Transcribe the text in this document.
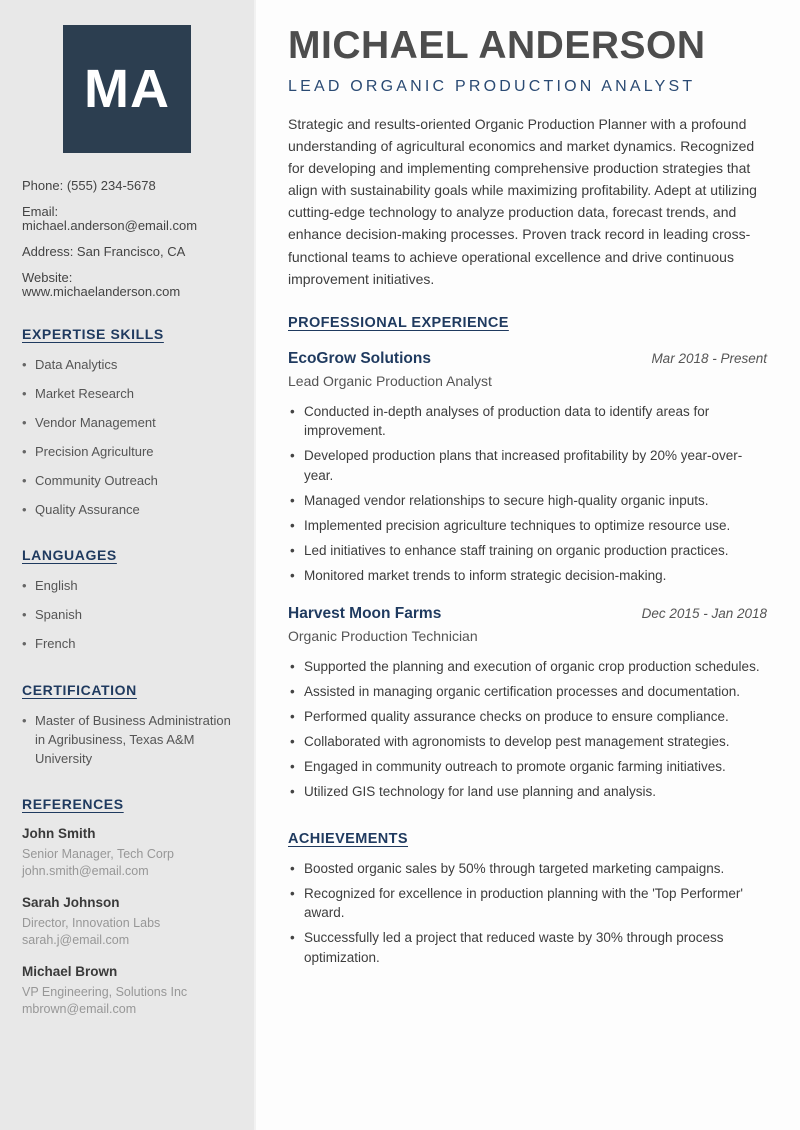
MA
Phone: (555) 234-5678
Email: michael.anderson@email.com
Address: San Francisco, CA
Website: www.michaelanderson.com
EXPERTISE SKILLS
• Data Analytics
• Market Research
• Vendor Management
• Precision Agriculture
• Community Outreach
• Quality Assurance
LANGUAGES
• English
• Spanish
• French
CERTIFICATION
• Master of Business Administration in Agribusiness, Texas A&M University
REFERENCES
John Smith
Senior Manager, Tech Corp
john.smith@email.com
Sarah Johnson
Director, Innovation Labs
sarah.j@email.com
Michael Brown
VP Engineering, Solutions Inc
mbrown@email.com
MICHAEL ANDERSON
LEAD ORGANIC PRODUCTION ANALYST

Strategic and results-oriented Organic Production Planner with a profound understanding of agricultural economics and market dynamics. Recognized for developing and implementing comprehensive production strategies that align with sustainability goals while maximizing profitability. Adept at utilizing cutting-edge technology to analyze production data, forecast trends, and enhance decision-making processes. Proven track record in leading cross-functional teams to achieve operational excellence and drive continuous improvement initiatives.

PROFESSIONAL EXPERIENCE
EcoGrow Solutions	Mar 2018 - Present
Lead Organic Production Analyst
• Conducted in-depth analyses of production data to identify areas for improvement.
• Developed production plans that increased profitability by 20% year-over-year.
• Managed vendor relationships to secure high-quality organic inputs.
• Implemented precision agriculture techniques to optimize resource use.
• Led initiatives to enhance staff training on organic production practices.
• Monitored market trends to inform strategic decision-making.
Harvest Moon Farms	Dec 2015 - Jan 2018
Organic Production Technician
• Supported the planning and execution of organic crop production schedules.
• Assisted in managing organic certification processes and documentation.
• Performed quality assurance checks on produce to ensure compliance.
• Collaborated with agronomists to develop pest management strategies.
• Engaged in community outreach to promote organic farming initiatives.
• Utilized GIS technology for land use planning and analysis.
ACHIEVEMENTS
• Boosted organic sales by 50% through targeted marketing campaigns.
• Recognized for excellence in production planning with the 'Top Performer' award.
• Successfully led a project that reduced waste by 30% through process optimization.
